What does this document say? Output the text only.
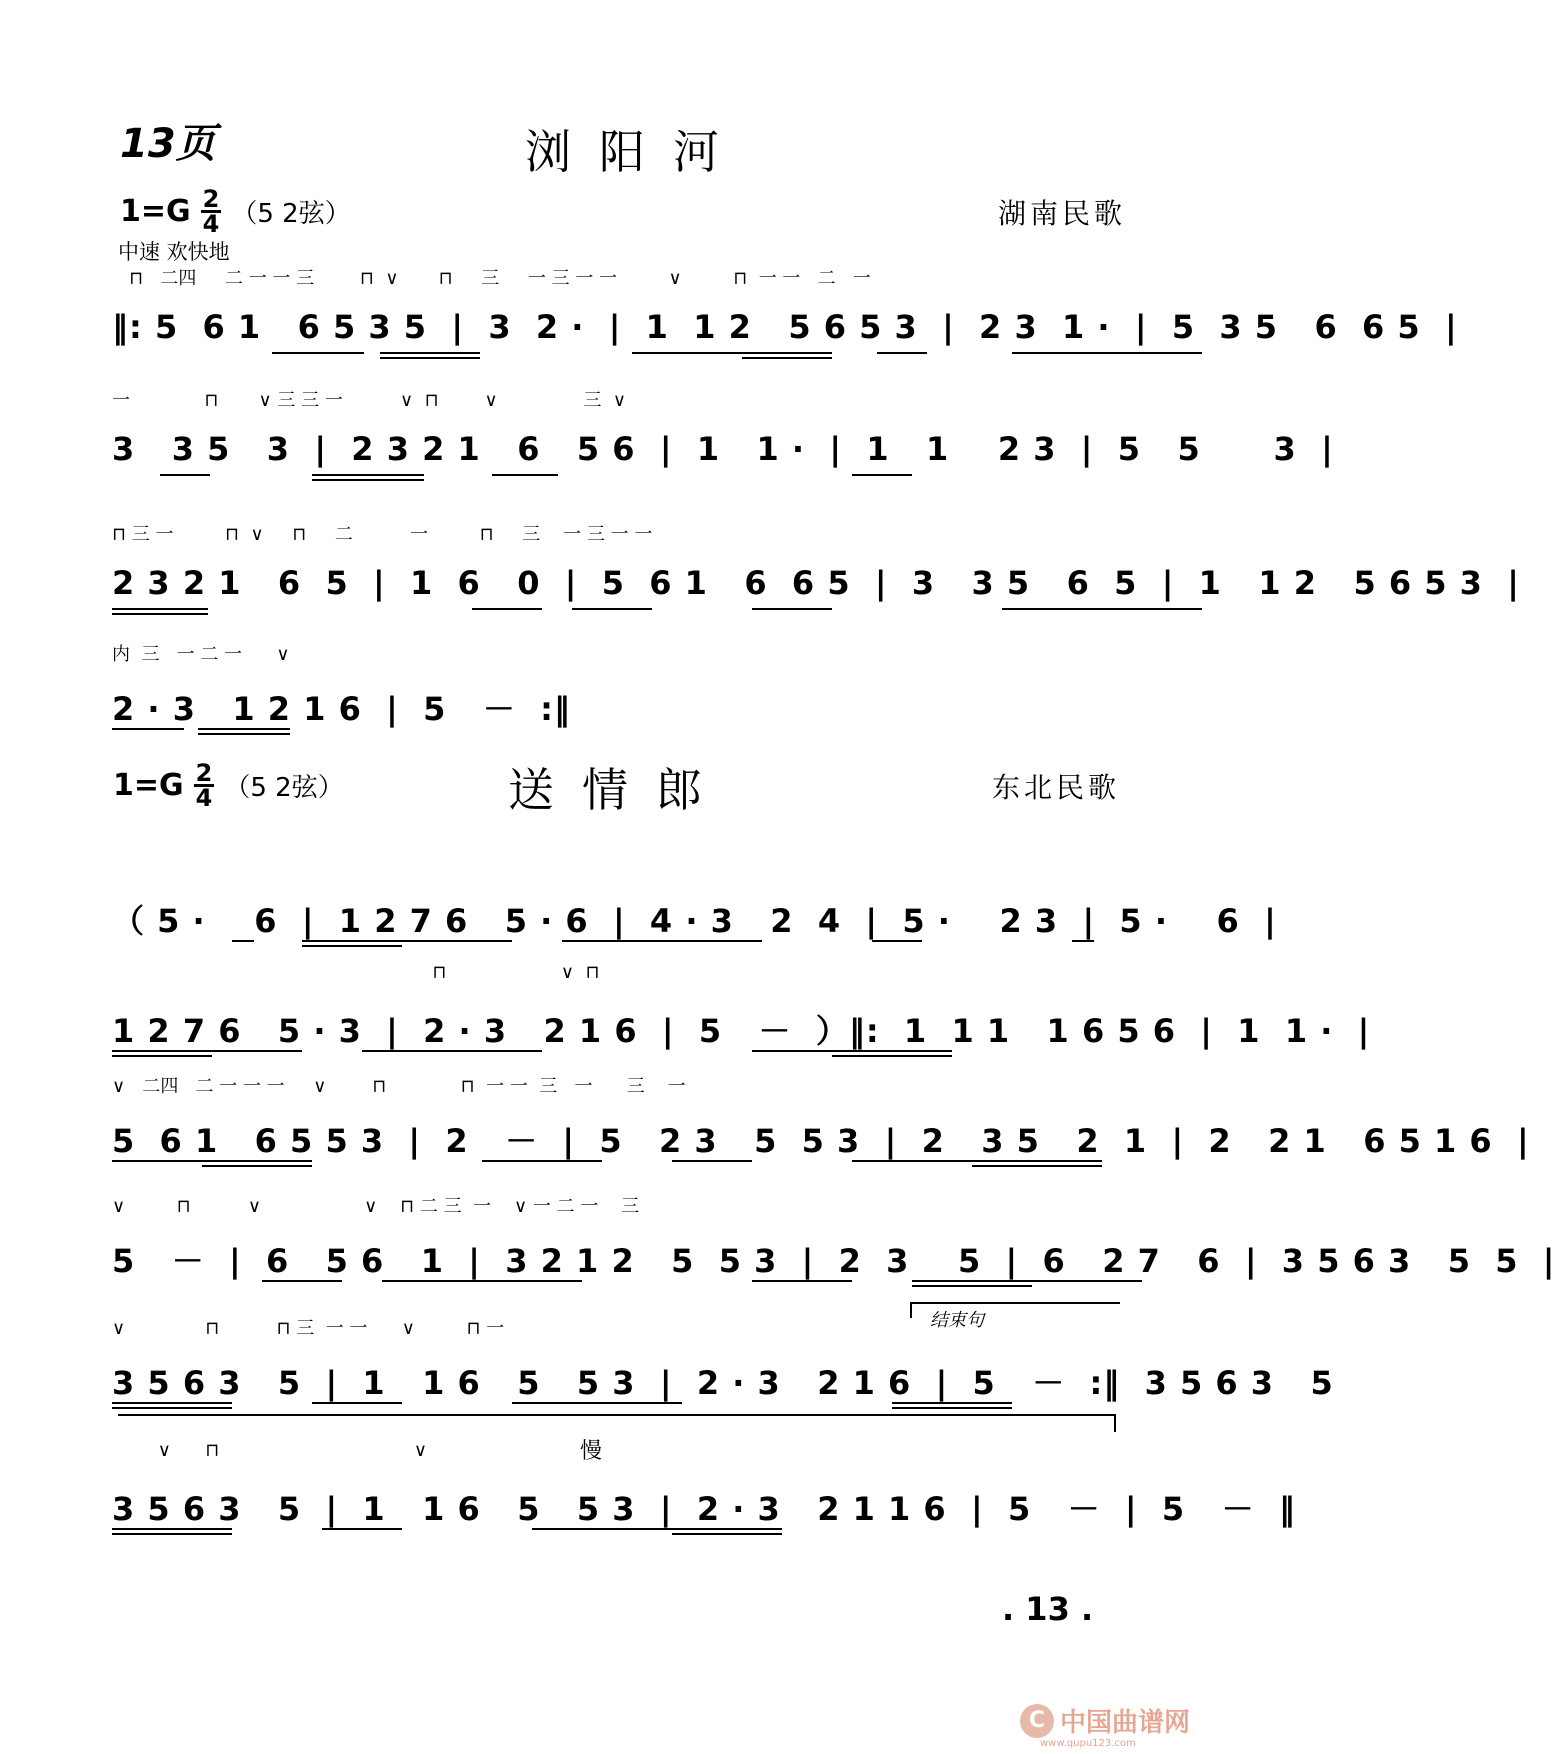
13页	浏阳河
湖南民歌
$1=G \frac{2}{4} (5$ 2弦）
中速 欢快地
⊓   二四     二 一 一 三        ⊓  ∨       ⊓     三     一 三 一 一         ∨         ⊓  一 一   二   一
‖: 5  6 1   6 5 3 5  |  3  2 ·  |  1  1 2   5 6 5 3  |  2 3  1 ·  |  5  3 5   6  6 5  |
一             ⊓       ∨ 三 三 一          ∨  ⊓        ∨               三  ∨
3   3 5   3  |  2 3 2 1   6   5 6  |  1   1 ·  |  1   1    2 3  |  5   5      3  |
⊓ 三 一         ⊓  ∨     ⊓     二          一         ⊓     三    一 三 一 一
2 3 2 1   6  5  |  1  6   0  |  5  6 1   6  6 5  |  3   3 5   6  5  |  1   1 2   5 6 5 3  |
内  三   一 二 一      ∨
2 · 3   1 2 1 6  |  5   －  :‖
送情郎	东北民歌
$1=G \frac{2}{4} (5$ 2弦）
（ 5 ·    6  |  1 2 7 6   5 · 6  |  4 · 3   2  4  |  5 ·    2 3  |  5 ·    6  |
⊓                    ∨  ⊓
1 2 7 6   5 · 3  |  2 · 3   2 1 6  |  5   －  ）‖:  1  1 1   1 6 5 6  |  1  1 ·  |
∨   二四   二 一 一 一     ∨        ⊓             ⊓  一 一  三   一      三    一
5  6 1   6 5 5 3  |  2   －  |  5   2 3   5  5 3  |  2   3 5   2  1  |  2   2 1   6 5 1 6  |
∨         ⊓          ∨                  ∨    ⊓ 二 三  一    ∨ 一 二 一    三
5   －  |  6   5 6   1  |  3 2 1 2   5  5 3  |  2  3    5  |  6   2 7   6  |  3 5 6 3   5  5  |
结束句
∨              ⊓          ⊓ 三  一 一      ∨         ⊓ 一
3 5 6 3   5  |  1   1 6   5   5 3  |  2 · 3   2 1 6  |  5   －  :‖  3 5 6 3   5
慢
∨      ⊓                                  ∨
3 5 6 3   5  |  1   1 6   5   5 3  |  2 · 3   2 1 1 6  |  5   －  |  5   －  ‖
. 13 .
C 中国曲谱网
www.qupu123.com
